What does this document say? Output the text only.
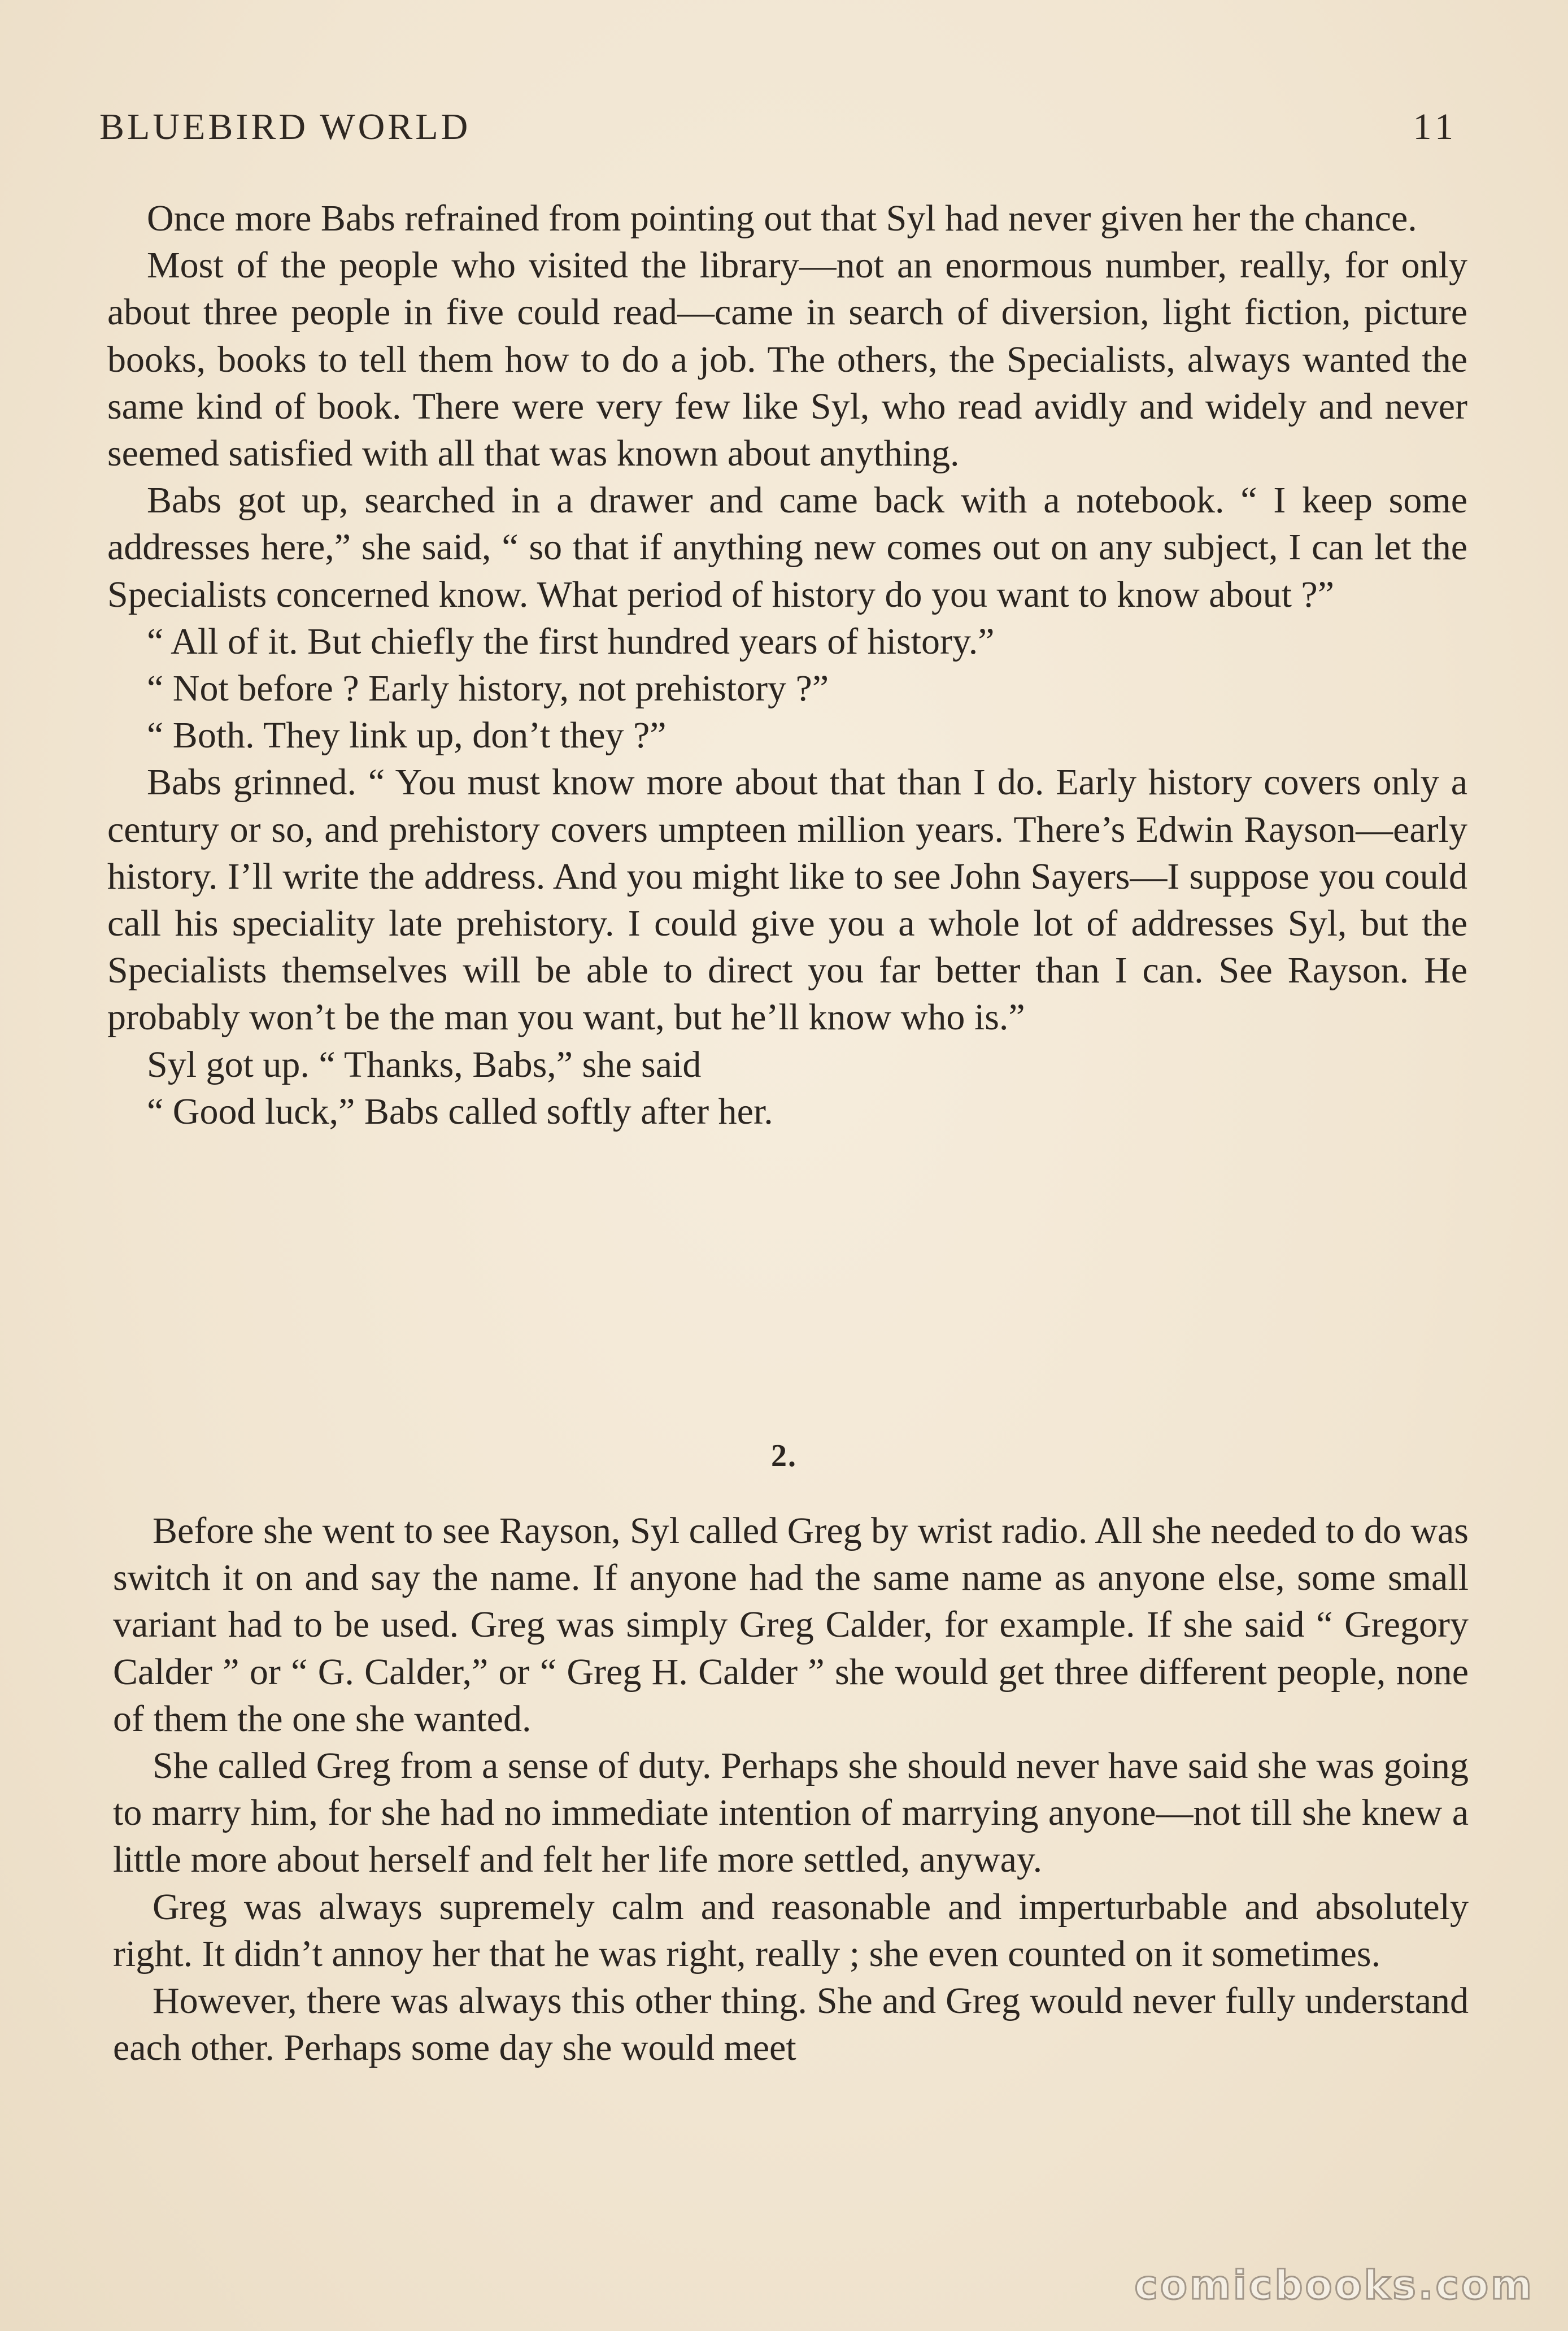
BLUEBIRD WORLD	11

Once more Babs refrained from pointing out that Syl had never given her the chance.

Most of the people who visited the library—not an enormous number, really, for only about three people in five could read—came in search of diversion, light fiction, picture books, books to tell them how to do a job. The others, the Specialists, always wanted the same kind of book. There were very few like Syl, who read avidly and widely and never seemed satisfied with all that was known about anything.

Babs got up, searched in a drawer and came back with a notebook. “ I keep some addresses here,” she said, “ so that if anything new comes out on any subject, I can let the Specialists concerned know. What period of history do you want to know about ?”

“ All of it. But chiefly the first hundred years of history.”

“ Not before ? Early history, not prehistory ?”

“ Both. They link up, don’t they ?”

Babs grinned. “ You must know more about that than I do. Early history covers only a century or so, and prehistory covers umpteen million years. There’s Edwin Rayson—early history. I’ll write the address. And you might like to see John Sayers—I suppose you could call his speciality late prehistory. I could give you a whole lot of addresses Syl, but the Specialists themselves will be able to direct you far better than I can. See Rayson. He probably won’t be the man you want, but he’ll know who is.”

Syl got up. “ Thanks, Babs,” she said

“ Good luck,” Babs called softly after her.

2.

Before she went to see Rayson, Syl called Greg by wrist radio. All she needed to do was switch it on and say the name. If anyone had the same name as anyone else, some small variant had to be used. Greg was simply Greg Calder, for example. If she said “ Gregory Calder ” or “ G. Calder,” or “ Greg H. Calder ” she would get three different people, none of them the one she wanted.

She called Greg from a sense of duty. Perhaps she should never have said she was going to marry him, for she had no immediate intention of marrying anyone—not till she knew a little more about herself and felt her life more settled, anyway.

Greg was always supremely calm and reasonable and imperturbable and absolutely right. It didn’t annoy her that he was right, really ; she even counted on it sometimes.

However, there was always this other thing. She and Greg would never fully understand each other. Perhaps some day she would meet

comicbooks.com
